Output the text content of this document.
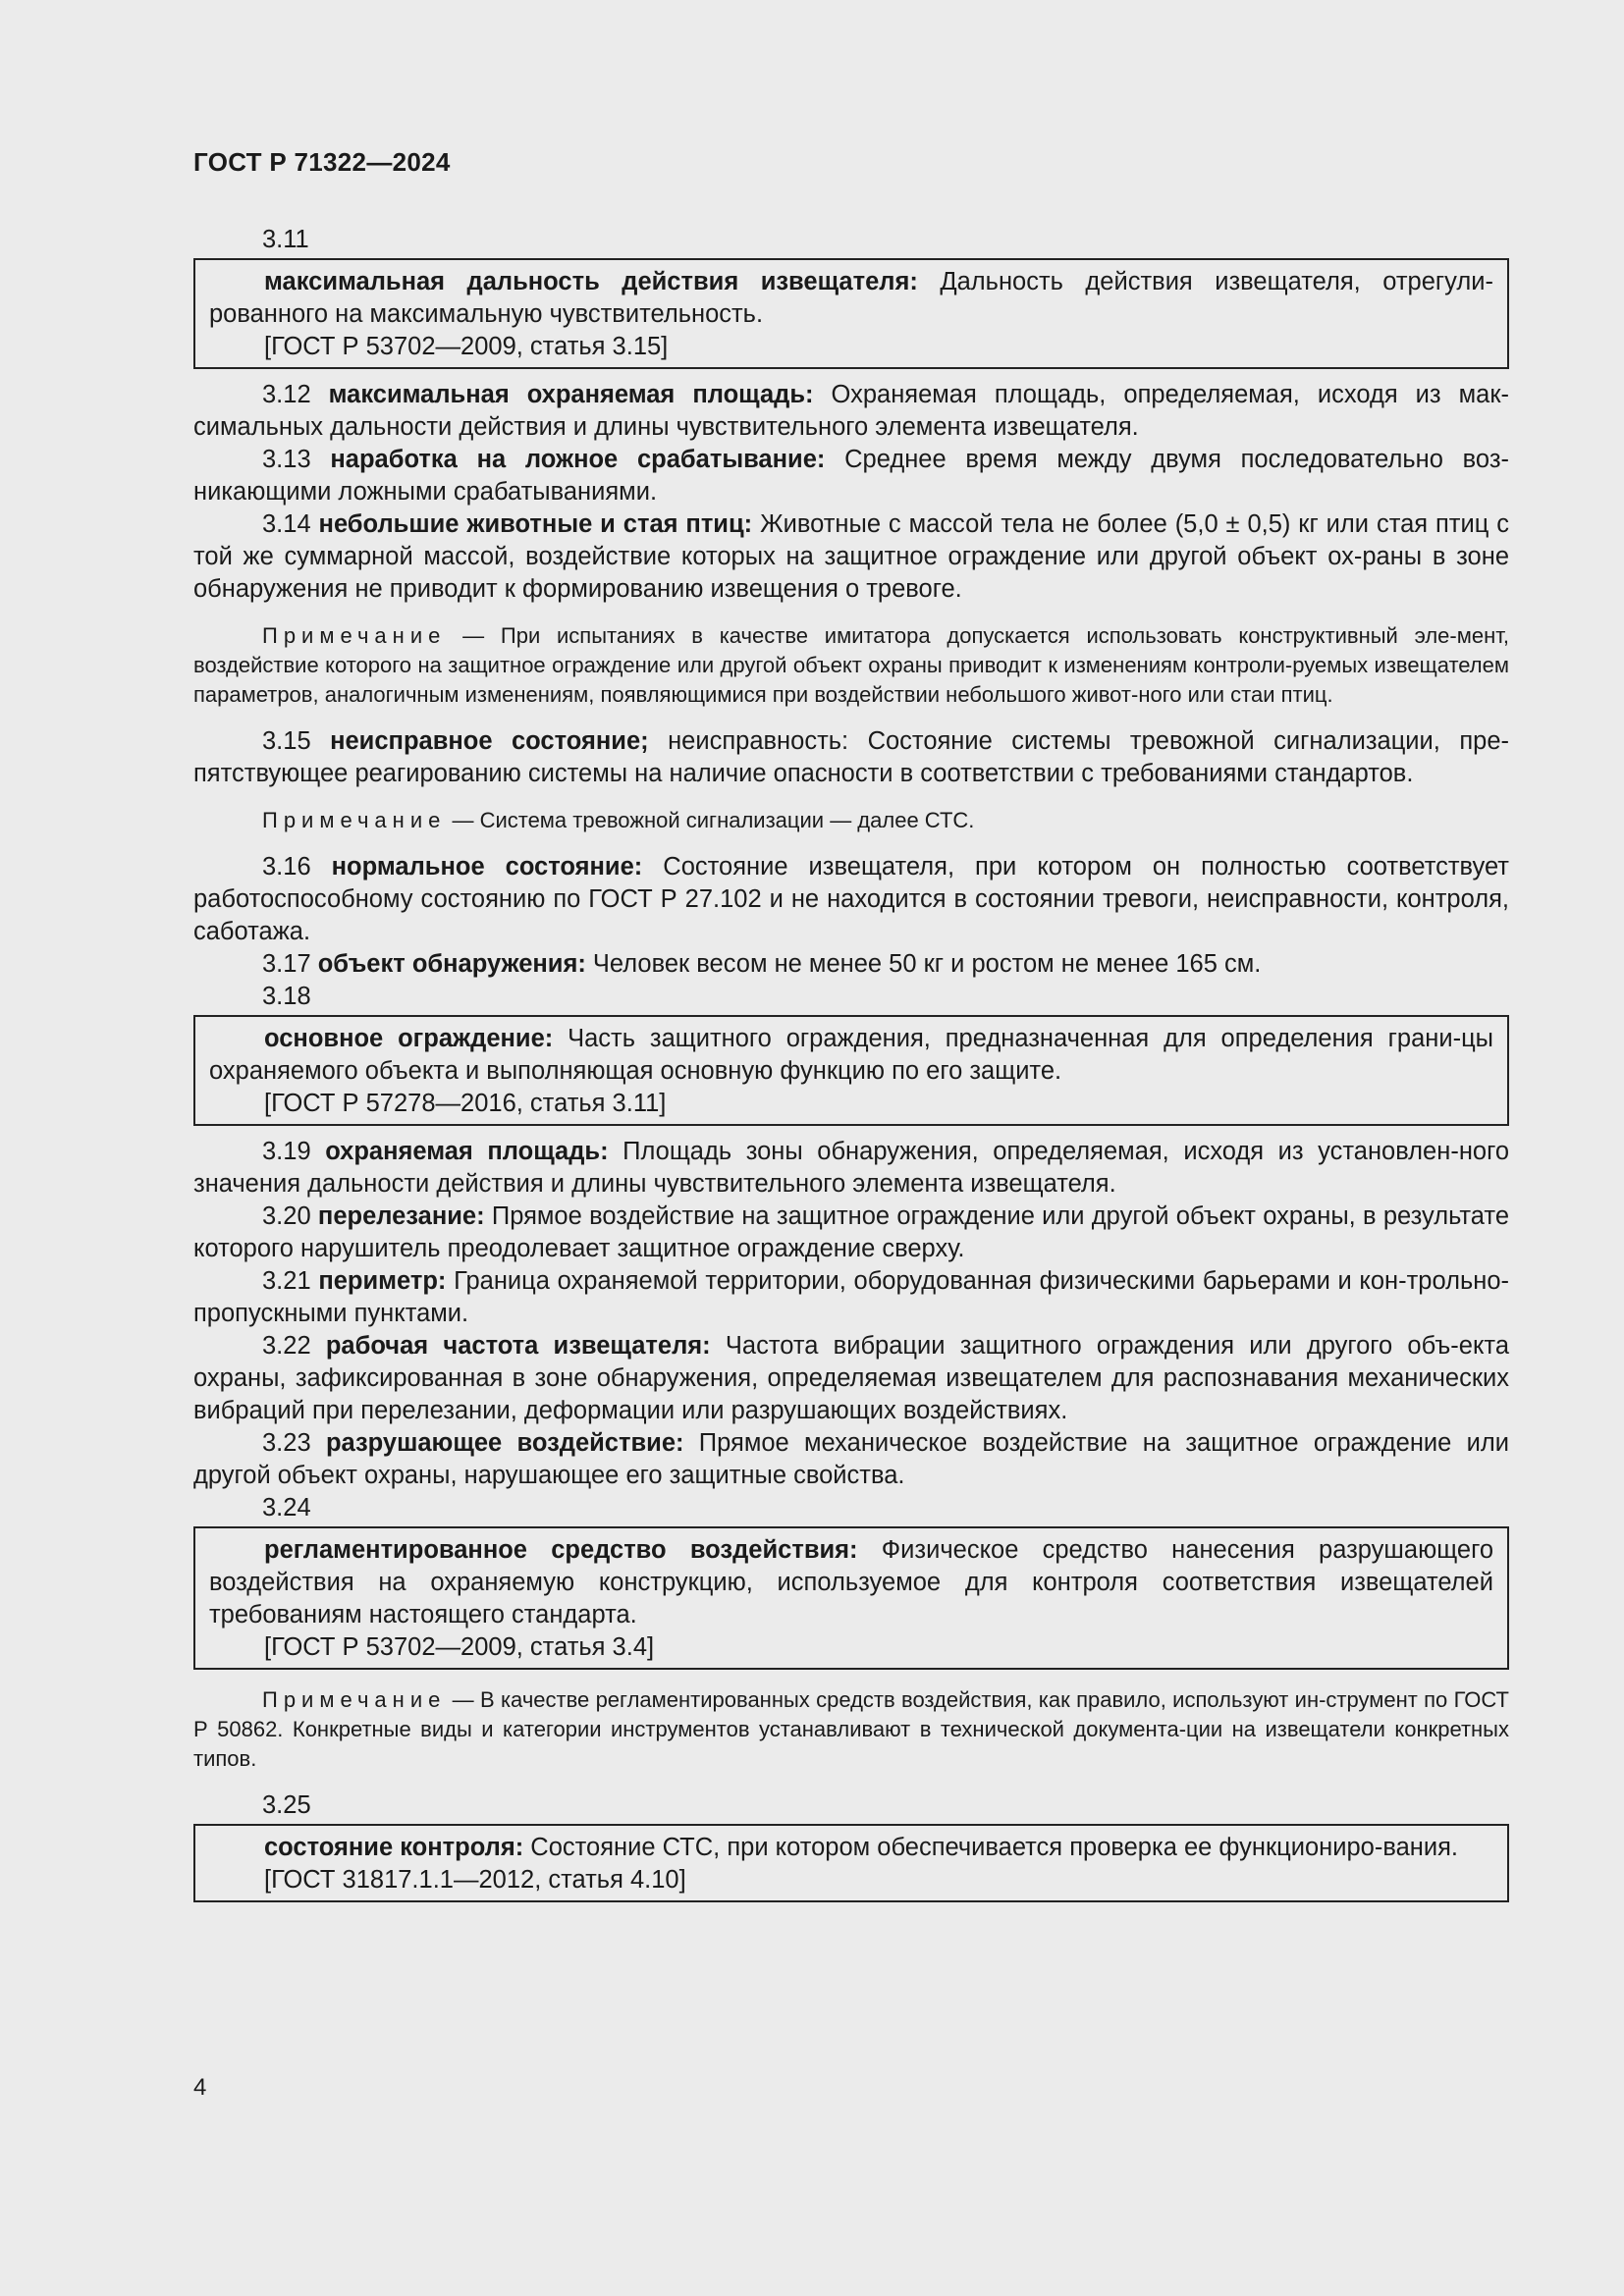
ГОСТ Р 71322—2024
3.11

максимальная дальность действия извещателя: Дальность действия извещателя, отрегули-рованного на максимальную чувствительность.

[ГОСТ Р 53702—2009, статья 3.15]

3.12 максимальная охраняемая площадь: Охраняемая площадь, определяемая, исходя из мак-симальных дальности действия и длины чувствительного элемента извещателя.

3.13 наработка на ложное срабатывание: Среднее время между двумя последовательно воз-никающими ложными срабатываниями.

3.14 небольшие животные и стая птиц: Животные с массой тела не более (5,0 ± 0,5) кг или стая птиц с той же суммарной массой, воздействие которых на защитное ограждение или другой объект ох-раны в зоне обнаружения не приводит к формированию извещения о тревоге.

Примечание — При испытаниях в качестве имитатора допускается использовать конструктивный эле-мент, воздействие которого на защитное ограждение или другой объект охраны приводит к изменениям контроли-руемых извещателем параметров, аналогичным изменениям, появляющимися при воздействии небольшого живот-ного или стаи птиц.

3.15 неисправное состояние; неисправность: Состояние системы тревожной сигнализации, пре-пятствующее реагированию системы на наличие опасности в соответствии с требованиями стандартов.

Примечание — Система тревожной сигнализации — далее СТС.

3.16 нормальное состояние: Состояние извещателя, при котором он полностью соответствует работоспособному состоянию по ГОСТ Р 27.102 и не находится в состоянии тревоги, неисправности, контроля, саботажа.

3.17 объект обнаружения: Человек весом не менее 50 кг и ростом не менее 165 см.

3.18

основное ограждение: Часть защитного ограждения, предназначенная для определения грани-цы охраняемого объекта и выполняющая основную функцию по его защите.

[ГОСТ Р 57278—2016, статья 3.11]

3.19 охраняемая площадь: Площадь зоны обнаружения, определяемая, исходя из установлен-ного значения дальности действия и длины чувствительного элемента извещателя.

3.20 перелезание: Прямое воздействие на защитное ограждение или другой объект охраны, в результате которого нарушитель преодолевает защитное ограждение сверху.

3.21 периметр: Граница охраняемой территории, оборудованная физическими барьерами и кон-трольно-пропускными пунктами.

3.22 рабочая частота извещателя: Частота вибрации защитного ограждения или другого объ-екта охраны, зафиксированная в зоне обнаружения, определяемая извещателем для распознавания механических вибраций при перелезании, деформации или разрушающих воздействиях.

3.23 разрушающее воздействие: Прямое механическое воздействие на защитное ограждение или другой объект охраны, нарушающее его защитные свойства.

3.24

регламентированное средство воздействия: Физическое средство нанесения разрушающего воздействия на охраняемую конструкцию, используемое для контроля соответствия извещателей требованиям настоящего стандарта.

[ГОСТ Р 53702—2009, статья 3.4]

Примечание — В качестве регламентированных средств воздействия, как правило, используют ин-струмент по ГОСТ Р 50862. Конкретные виды и категории инструментов устанавливают в технической документа-ции на извещатели конкретных типов.

3.25

состояние контроля: Состояние СТС, при котором обеспечивается проверка ее функциониро-вания.

[ГОСТ 31817.1.1—2012, статья 4.10]

4
